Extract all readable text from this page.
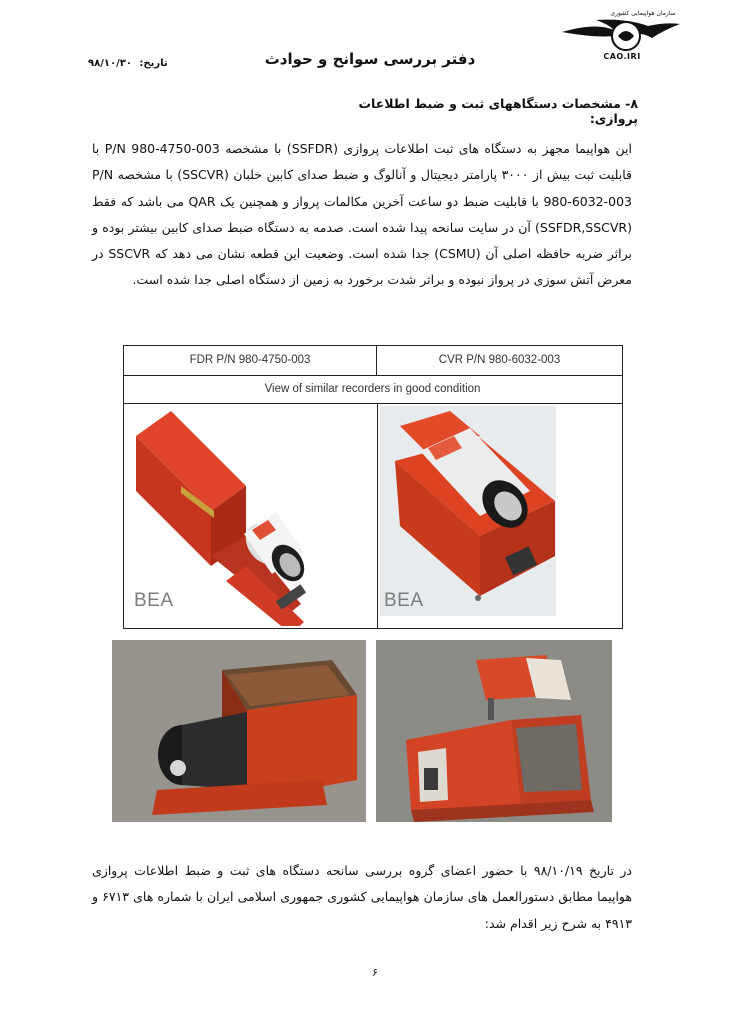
سازمان هواپیمایی کشوری
CAO.IRI
دفتر بررسی سوانح و حوادث
تاریخ: ۹۸/۱۰/۳۰
۸- مشخصات دستگاههای ثبت و ضبط اطلاعات پروازی:
این هواپیما مجهز به دستگاه های ثبت اطلاعات پروازی (SSFDR) با مشخصه P/N 980-4750-003 با قابلیت ثبت بیش از ۳۰۰۰ پارامتر دیجیتال و آنالوگ و ضبط صدای کابین خلبان (SSCVR) با مشخصه P/N 980-6032-003 با قابلیت ضبط دو ساعت آخرین مکالمات پرواز و همچنین یک QAR می باشد که فقط (SSFDR,SSCVR) آن در سایت سانحه پیدا شده است. صدمه به دستگاه ضبط صدای کابین بیشتر بوده و براثر ضربه حافظه اصلی آن (CSMU) جدا شده است. وضعیت این قطعه نشان می دهد که SSCVR در معرض آتش سوزی در پرواز نبوده و براثر شدت برخورد به زمین از دستگاه اصلی جدا شده است.
FDR P/N 980-4750-003	CVR P/N 980-6032-003
View of similar recorders in good condition
BEA	BEA
در تاریخ ۹۸/۱۰/۱۹ با حضور اعضای گروه بررسی سانحه دستگاه های ثبت و ضبط اطلاعات پروازی هواپیما مطابق دستورالعمل های سازمان هواپیمایی کشوری جمهوری اسلامی ایران با شماره های ۶۷۱۳ و ۴۹۱۳ به شرح زیر اقدام شد:
۶
